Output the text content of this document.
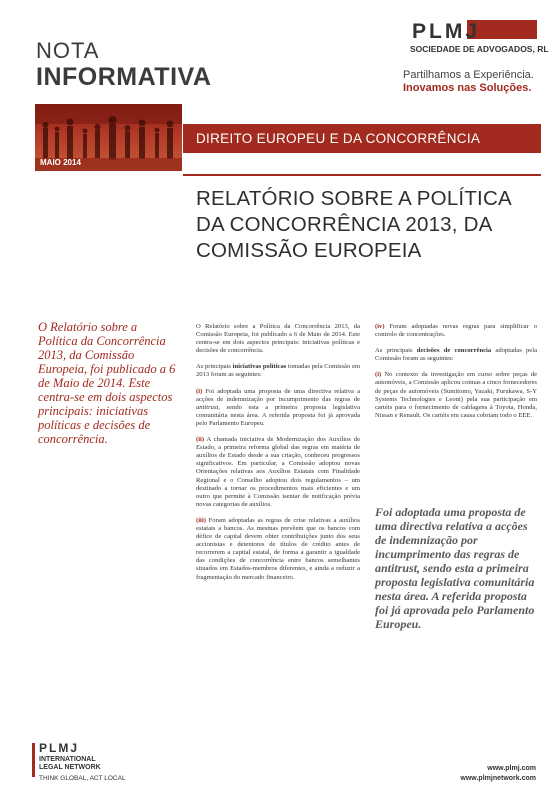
NOTA
INFORMATIVA
PLMJ
SOCIEDADE DE ADVOGADOS, RL
Partilhamos a Experiência.
Inovamos nas Soluções.
MAIO 2014
DIREITO EUROPEU E DA CONCORRÊNCIA
RELATÓRIO SOBRE A POLÍTICA
DA CONCORRÊNCIA 2013, DA
COMISSÃO EUROPEIA
O Relatório sobre a Política da Concorrência 2013, da Comissão Europeia, foi publicado a 6 de Maio de 2014. Este centra-se em dois aspectos principais: iniciativas políticas e decisões de concorrência.

O Relatório sobre a Política da Concorrência 2013, da Comissão Europeia, foi publicado a 6 de Maio de 2014. Este centra-se em dois aspectos principais: iniciativas políticas e decisões de concorrência.

As principais iniciativas políticas tomadas pela Comissão em 2013 foram as seguintes:

(i) Foi adoptada uma proposta de uma directiva relativa a acções de indemnização por incumprimento das regras de antitrust, sendo esta a primeira proposta legislativa comunitária nesta área. A referida proposta foi já aprovada pelo Parlamento Europeu.

(ii) A chamada iniciativa de Modernização dos Auxílios de Estado, a primeira reforma global das regras em matéria de auxílios de Estado desde a sua criação, conheceu progressos significativos. Em particular, a Comissão adoptou novas Orientações relativas aos Auxílios Estatais com Finalidade Regional e o Conselho adoptou dois regulamentos – um destinado a tornar os procedimentos mais eficientes e um outro que permite à Comissão isentar de notificação prévia novas categorias de auxílios.

(iii) Foram adoptadas as regras de crise relativas a auxílios estatais a bancos. As mesmas prevêem que os bancos com défice de capital devem obter contribuições junto dos seus accionistas e detentores de títulos de crédito antes de recorrerem a capital estatal, de forma a garantir a igualdade das condições de concorrência entre bancos semelhantes situados em Estados-membros diferentes, e ainda a reduzir a fragmentação do mercado financeiro.

(iv) Foram adoptadas novas regras para simplificar o controlo de concentrações.

As principais decisões de concorrência adoptadas pela Comissão foram as seguintes:

(i) No contexto da investigação em curso sobre peças de automóveis, a Comissão aplicou coimas a cinco fornecedores de peças de automóveis (Sumitomo, Yazaki, Furukawa, S-Y Systems Technologies e Leoni) pela sua participação em cartéis para o fornecimento de cablagens à Toyota, Honda, Nissan e Renault. Os cartéis em causa cobriam todo o EEE.

Foi adoptada uma proposta de uma directiva relativa a acções de indemnização por incumprimento das regras de antitrust, sendo esta a primeira proposta legislativa comunitária nesta área. A referida proposta foi já aprovada pelo Parlamento Europeu.
PLMJ
INTERNATIONAL
LEGAL NETWORK
THINK GLOBAL, ACT LOCAL
www.plmj.com
www.plmjnetwork.com
